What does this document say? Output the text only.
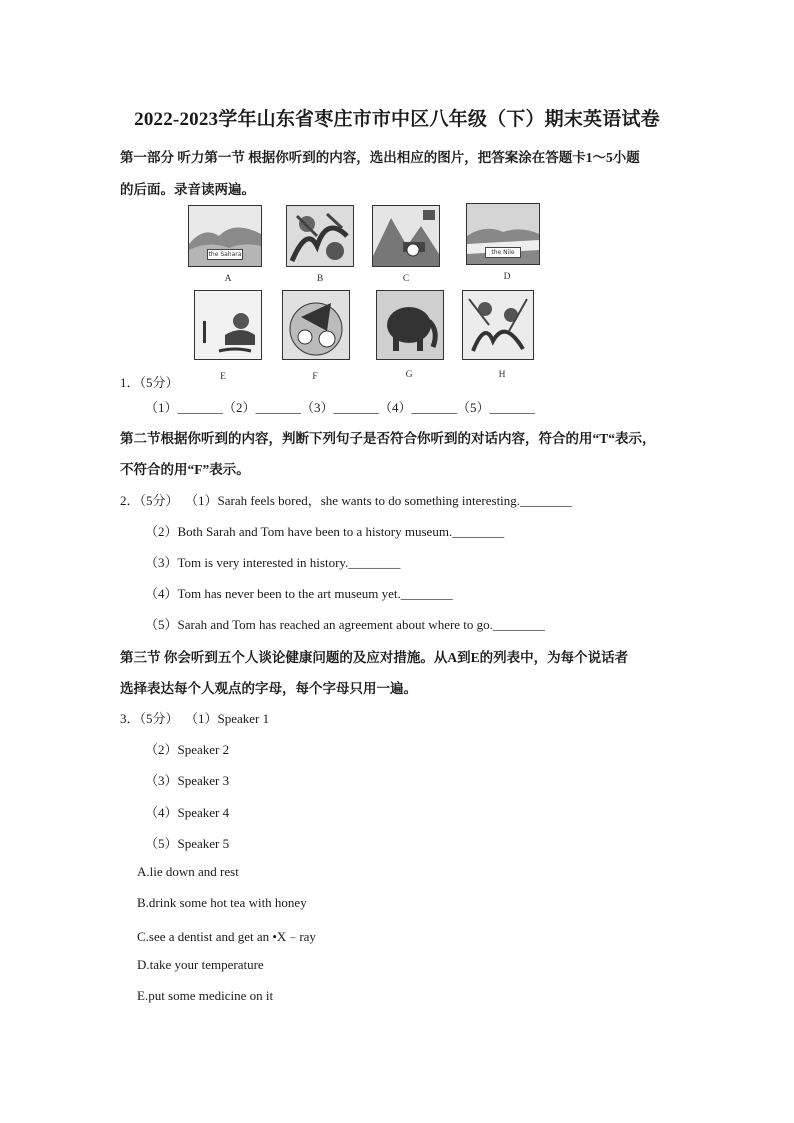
2022-2023学年山东省枣庄市市中区八年级（下）期末英语试卷
第一部分 听力第一节 根据你听到的内容，选出相应的图片，把答案涂在答题卡1～5小题
的后面。录音读两遍。
the Sahara
A	B	C
the Nile
D
E	F	G	H
1．（5分）
（1）_______（2）_______（3）_______（4）_______（5）_______
第二节根据你听到的内容，判断下列句子是否符合你听到的对话内容，符合的用“T“表示，
不符合的用“F”表示。
2．（5分） （1）Sarah feels bored，she wants to do something interesting.________
（2）Both Sarah and Tom have been to a history museum.________
（3）Tom is very interested in history.________
（4）Tom has never been to the art museum yet.________
（5）Sarah and Tom has reached an agreement about where to go.________
第三节 你会听到五个人谈论健康问题的及应对措施。从A到E的列表中，为每个说话者
选择表达每个人观点的字母，每个字母只用一遍。
3．（5分） （1）Speaker 1
（2）Speaker 2
（3）Speaker 3
（4）Speaker 4
（5）Speaker 5
A.lie down and rest
B.drink some hot tea with honey
C.see a dentist and get an •X﹣ray
D.take your temperature
E.put some medicine on it
